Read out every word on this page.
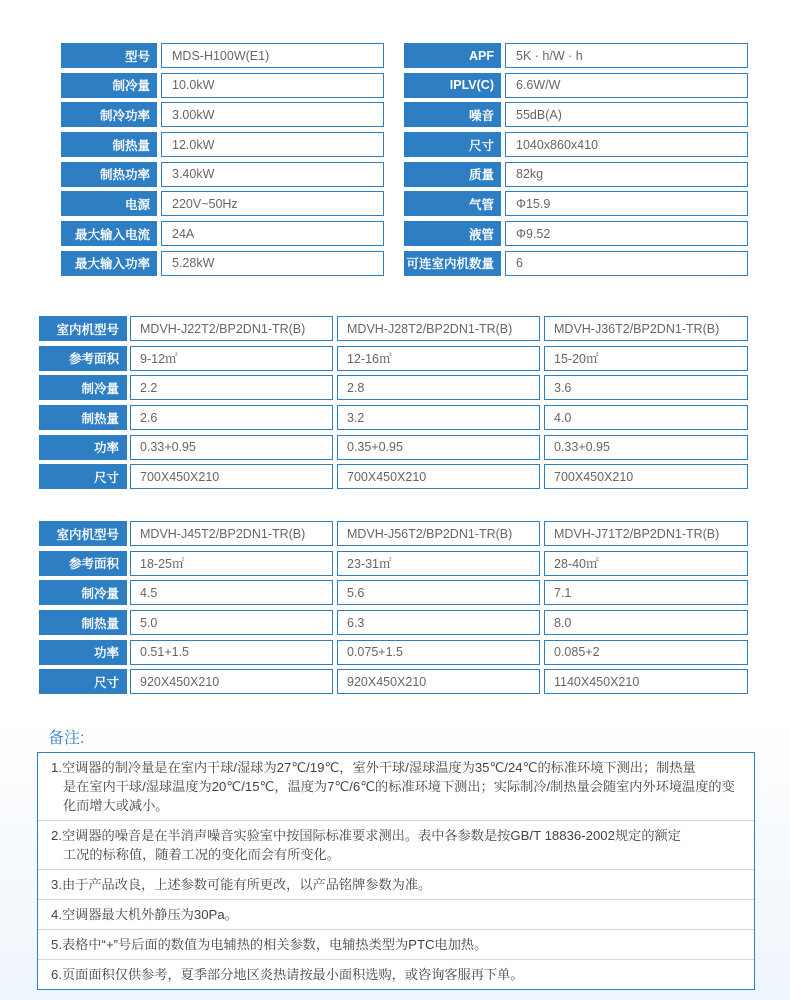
型号	MDS-H100W(E1)
制冷量	10.0kW
制冷功率	3.00kW
制热量	12.0kW
制热功率	3.40kW
电源	220V~50Hz
最大输入电流	24A
最大输入功率	5.28kW
APF	5K · h/W · h
IPLV(C)	6.6W/W
噪音	55dB(A)
尺寸	1040x860x410
质量	82kg
气管	Φ15.9
液管	Φ9.52
可连室内机数量	6
室内机型号	MDVH-J22T2/BP2DN1-TR(B)	MDVH-J28T2/BP2DN1-TR(B)	MDVH-J36T2/BP2DN1-TR(B)
参考面积	9-12㎡	12-16㎡	15-20㎡
制冷量	2.2	2.8	3.6
制热量	2.6	3.2	4.0
功率	0.33+0.95	0.35+0.95	0.33+0.95
尺寸	700X450X210	700X450X210	700X450X210
室内机型号	MDVH-J45T2/BP2DN1-TR(B)	MDVH-J56T2/BP2DN1-TR(B)	MDVH-J71T2/BP2DN1-TR(B)
参考面积	18-25㎡	23-31㎡	28-40㎡
制冷量	4.5	5.6	7.1
制热量	5.0	6.3	8.0
功率	0.51+1.5	0.075+1.5	0.085+2
尺寸	920X450X210	920X450X210	1140X450X210
备注:
1.空调器的制冷量是在室内干球/湿球为27℃/19℃，室外干球/湿球温度为35℃/24℃的标准环境下测出；制热量
是在室内干球/湿球温度为20℃/15℃，温度为7℃/6℃的标准环境下测出；实际制冷/制热量会随室内外环境温度的变化而增大或减小。
2.空调器的噪音是在半消声噪音实验室中按国际标准要求测出。表中各参数是按GB/T 18836-2002规定的额定
工况的标称值，随着工况的变化而会有所变化。
3.由于产品改良，上述参数可能有所更改，以产品铭牌参数为准。
4.空调器最大机外静压为30Pa。
5.表格中“+”号后面的数值为电辅热的相关参数，电辅热类型为PTC电加热。
6.页面面积仅供参考，夏季部分地区炎热请按最小面积选购，或咨询客服再下单。
